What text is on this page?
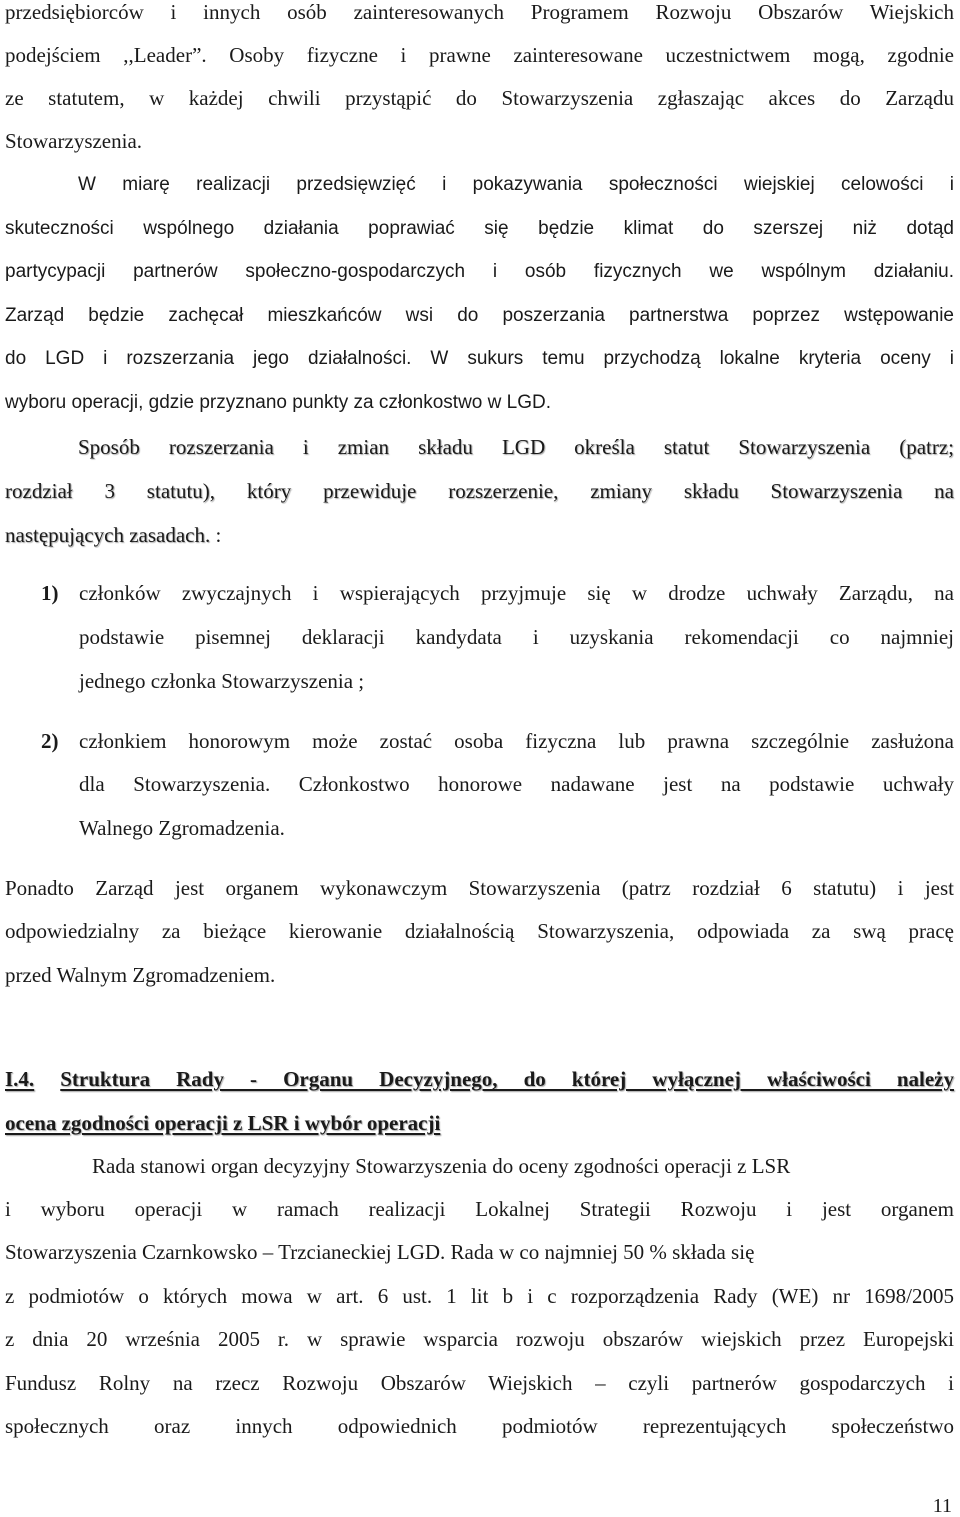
przedsiębiorców i innych osób zainteresowanych Programem Rozwoju Obszarów Wiejskich
podejściem ,,Leader”. Osoby fizyczne i prawne zainteresowane uczestnictwem mogą, zgodnie
ze statutem, w każdej chwili przystąpić do Stowarzyszenia zgłaszając akces do Zarządu
Stowarzyszenia.
W miarę realizacji przedsięwzięć i pokazywania społeczności wiejskiej celowości i
skuteczności wspólnego działania poprawiać się będzie klimat do szerszej niż dotąd
partycypacji partnerów społeczno-gospodarczych i osób fizycznych we wspólnym działaniu.
Zarząd będzie zachęcał mieszkańców wsi do poszerzania partnerstwa poprzez wstępowanie
do LGD i rozszerzania jego działalności. W sukurs temu przychodzą lokalne kryteria oceny i
wyboru operacji, gdzie przyznano punkty za członkostwo w LGD.
Sposób rozszerzania i zmian składu LGD określa statut Stowarzyszenia (patrz;
rozdział 3 statutu), który przewiduje rozszerzenie, zmiany składu Stowarzyszenia na
następujących zasadach. :
1) członków zwyczajnych i wspierających przyjmuje się w drodze uchwały Zarządu, na
podstawie pisemnej deklaracji kandydata i uzyskania rekomendacji co najmniej
jednego członka Stowarzyszenia ;
2) członkiem honorowym może zostać osoba fizyczna lub prawna szczególnie zasłużona
dla Stowarzyszenia. Członkostwo honorowe nadawane jest na podstawie uchwały
Walnego Zgromadzenia.
Ponadto Zarząd jest organem wykonawczym Stowarzyszenia (patrz rozdział 6 statutu) i jest
odpowiedzialny za bieżące kierowanie działalnością Stowarzyszenia, odpowiada za swą pracę
przed Walnym Zgromadzeniem.
I.4. Struktura Rady - Organu Decyzyjnego, do której wyłącznej właściwości należy
ocena zgodności operacji z LSR i wybór operacji
Rada stanowi organ decyzyjny Stowarzyszenia do oceny zgodności operacji z LSR
i wyboru operacji w ramach realizacji Lokalnej Strategii Rozwoju i jest organem
Stowarzyszenia Czarnkowsko – Trzcianeckiej LGD. Rada w co najmniej 50 % składa się
z podmiotów o których mowa w art. 6 ust. 1 lit b i c rozporządzenia Rady (WE) nr 1698/2005
z dnia 20 września 2005 r. w sprawie wsparcia rozwoju obszarów wiejskich przez Europejski
Fundusz Rolny na rzecz Rozwoju Obszarów Wiejskich – czyli partnerów gospodarczych i
społecznych oraz innych odpowiednich podmiotów reprezentujących społeczeństwo
11
